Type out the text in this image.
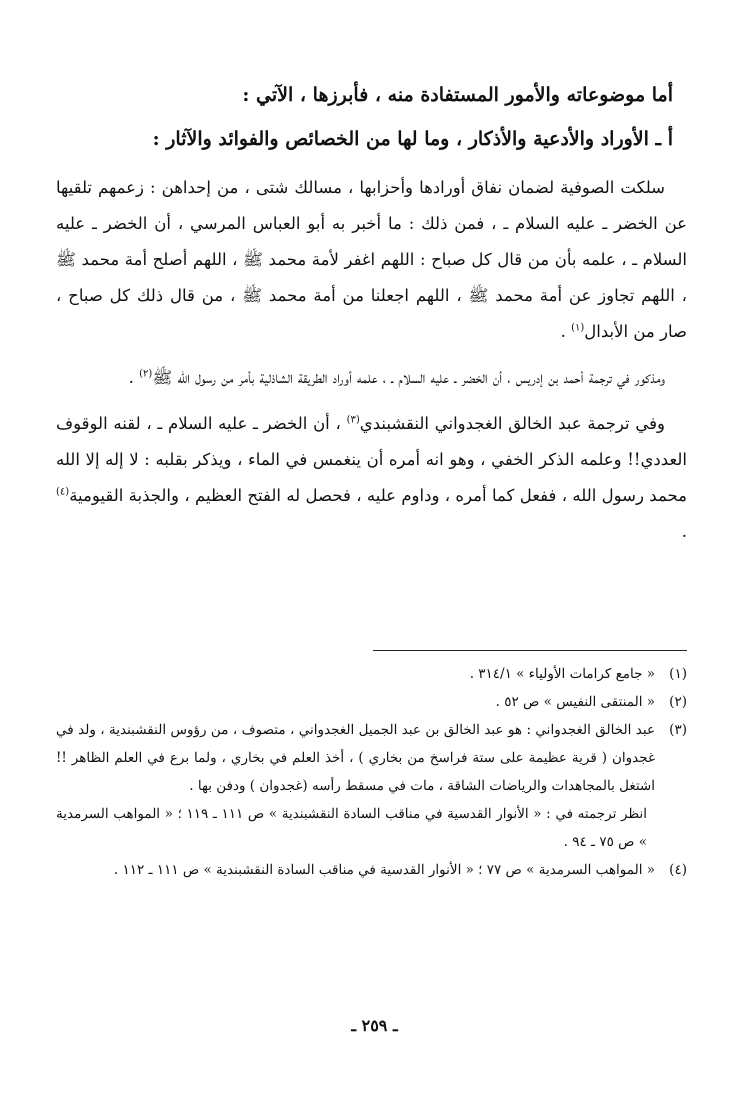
أما موضوعاته والأمور المستفادة منه ، فأبرزها ، الآتي :
أ ـ الأوراد والأدعية والأذكار ، وما لها من الخصائص والفوائد والآثار :

سلكت الصوفية لضمان نفاق أورادها وأحزابها ، مسالك شتى ، من إحداهن : زعمهم تلقيها عن الخضر ـ عليه السلام ـ ، فمن ذلك : ما أخبر به أبو العباس المرسي ، أن الخضر ـ عليه السلام ـ ، علمه بأن من قال كل صباح : اللهم اغفر لأمة محمد ﷺ ، اللهم أصلح أمة محمد ﷺ ، اللهم تجاوز عن أمة محمد ﷺ ، اللهم اجعلنا من أمة محمد ﷺ ، من قال ذلك كل صباح ، صار من الأبدال$^{(١)}$ .

ومذكور في ترجمة أحمد بن إدريس ، أن الخضر ـ عليه السلام ـ ، علمه أوراد الطريقة الشاذلية بأمر من رسول الله ﷺ$^{(٢)}$ .

وفي ترجمة عبد الخالق الغجدواني النقشبندي$^{(٣)}$ ، أن الخضر ـ عليه السلام ـ ، لقنه الوقوف العددي!! وعلمه الذكر الخفي ، وهو انه أمره أن ينغمس في الماء ، ويذكر بقلبه : لا إله إلا الله محمد رسول الله ، ففعل كما أمره ، وداوم عليه ، فحصل له الفتح العظيم ، والجذبة القيومية$^{(٤)}$ .

(١)
« جامع كرامات الأولياء » ٣١٤/١ .
(٢)
« المنتقى النفيس » ص ٥٢ .
(٣)
عبد الخالق الغجدواني : هو عبد الخالق بن عبد الجميل الغجدواني ، متصوف ، من رؤوس النقشبندية ، ولد في غجدوان ( قرية عظيمة على ستة فراسخ من بخاري ) ، أخذ العلم في بخاري ، ولما برع في العلم الظاهر !! اشتغل بالمجاهدات والرياضات الشاقة ، مات في مسقط رأسه (غجدوان ) ودفن بها .

انظر ترجمته في : « الأنوار القدسية في مناقب السادة النقشبندية » ص ١١١ ـ ١١٩ ؛ « المواهب السرمدية » ص ٧٥ ـ ٩٤ .

(٤)
« المواهب السرمدية » ص ٧٧ ؛ « الأنوار القدسية في مناقب السادة النقشبندية » ص ١١١ ـ ١١٢ .
ـ ٢٥٩ ـ
